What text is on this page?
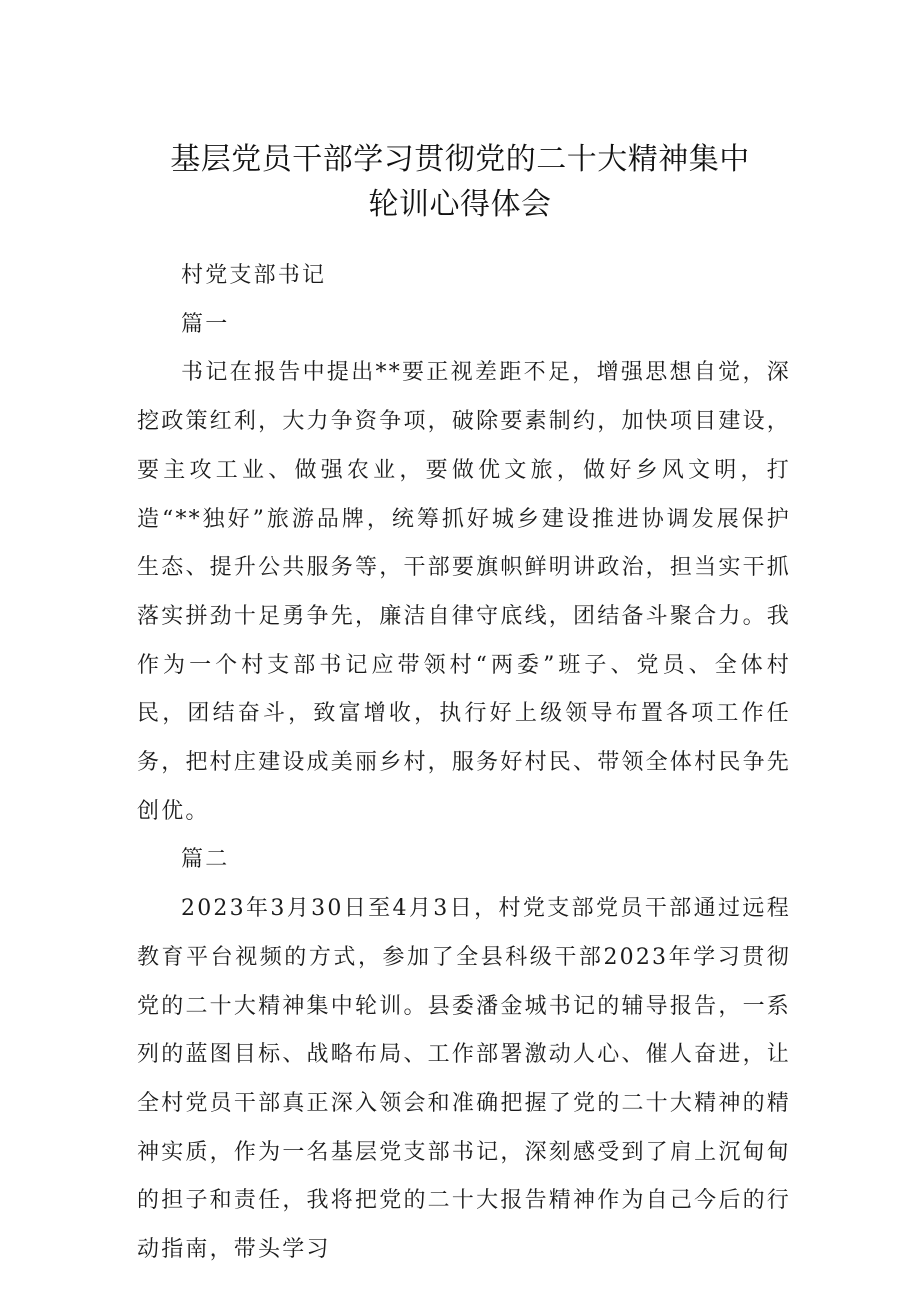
基层党员干部学习贯彻党的二十大精神集中
轮训心得体会

村党支部书记

篇一

书记在报告中提出**要正视差距不足，增强思想自觉，深挖政策红利，大力争资争项，破除要素制约，加快项目建设，要主攻工业、做强农业，要做优文旅，做好乡风文明，打造“**独好”旅游品牌，统筹抓好城乡建设推进协调发展保护生态、提升公共服务等，干部要旗帜鲜明讲政治，担当实干抓落实拼劲十足勇争先，廉洁自律守底线，团结备斗聚合力。我作为一个村支部书记应带领村“两委”班子、党员、全体村民，团结奋斗，致富增收，执行好上级领导布置各项工作任务，把村庄建设成美丽乡村，服务好村民、带领全体村民争先创优。

篇二

2023年3月30日至4月3日，村党支部党员干部通过远程教育平台视频的方式，参加了全县科级干部2023年学习贯彻党的二十大精神集中轮训。县委潘金城书记的辅导报告，一系列的蓝图目标、战略布局、工作部署激动人心、催人奋进，让全村党员干部真正深入领会和准确把握了党的二十大精神的精神实质，作为一名基层党支部书记，深刻感受到了肩上沉甸甸的担子和责任，我将把党的二十大报告精神作为自己今后的行动指南，带头学习
